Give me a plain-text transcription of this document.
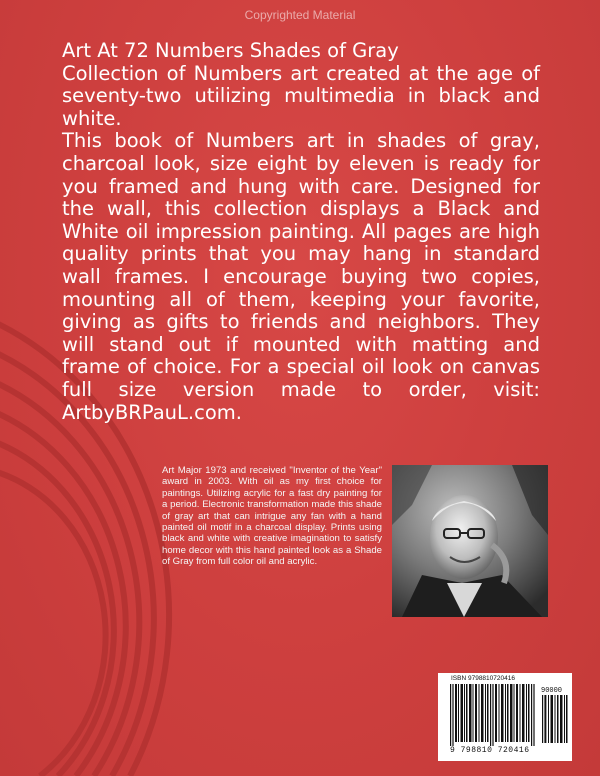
Copyrighted Material

Art At 72 Numbers Shades of Gray

Collection of Numbers art created at the age of seventy-two utilizing multimedia in black and white.

This book of Numbers art in shades of gray, charcoal look, size eight by eleven is ready for you framed and hung with care. Designed for the wall, this collection displays a Black and White oil impression painting. All pages are high quality prints that you may hang in standard wall frames. I encourage buying two copies, mounting all of them, keeping your favorite, giving as gifts to friends and neighbors. They will stand out if mounted with matting and frame of choice. For a special oil look on canvas full size version made to order, visit: ArtbyBRPauL.com.

Art Major 1973 and received "Inventor of the Year" award in 2003. With oil as my first choice for paintings. Utilizing acrylic for a fast dry painting for a period. Electronic transformation made this shade of gray art that can intrigue any fan with a hand painted oil motif in a charcoal display. Prints using black and white with creative imagination to satisfy home decor with this hand painted look as a Shade of Gray from full color oil and acrylic.
ISBN 9798810720416
90000
9 798810 720416
